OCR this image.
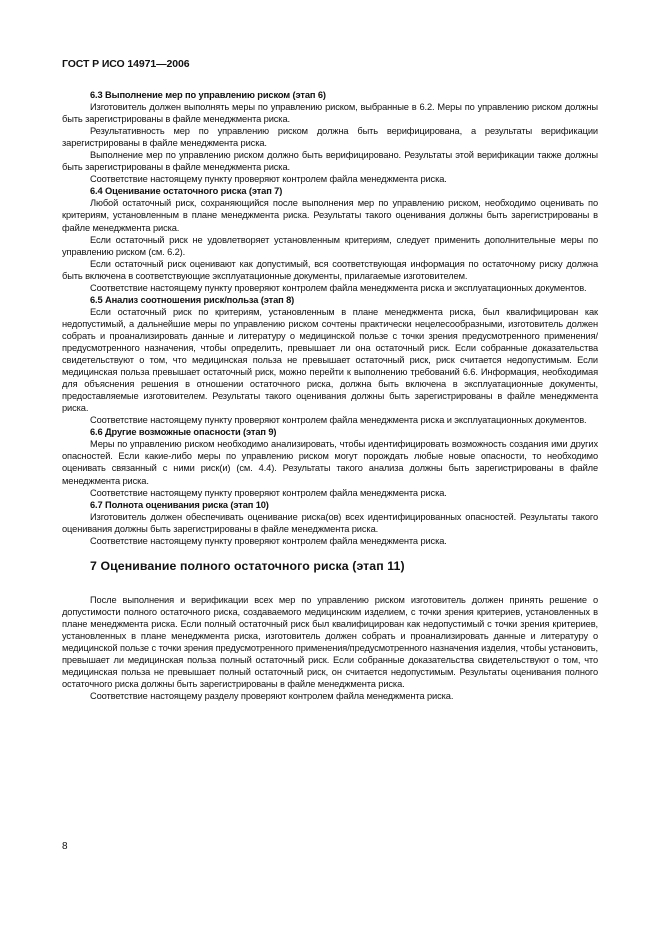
ГОСТ Р ИСО 14971—2006

6.3 Выполнение мер по управлению риском (этап 6)

Изготовитель должен выполнять меры по управлению риском, выбранные в 6.2. Меры по управлению риском должны быть зарегистрированы в файле менеджмента риска.

Результативность мер по управлению риском должна быть верифицирована, а результаты верификации зарегистрированы в файле менеджмента риска.

Выполнение мер по управлению риском должно быть верифицировано. Результаты этой верификации также должны быть зарегистрированы в файле менеджмента риска.

Соответствие настоящему пункту проверяют контролем файла менеджмента риска.

6.4 Оценивание остаточного риска (этап 7)

Любой остаточный риск, сохраняющийся после выполнения мер по управлению риском, необходимо оценивать по критериям, установленным в плане менеджмента риска. Результаты такого оценивания должны быть зарегистрированы в файле менеджмента риска.

Если остаточный риск не удовлетворяет установленным критериям, следует применить дополнительные меры по управлению риском (см. 6.2).

Если остаточный риск оценивают как допустимый, вся соответствующая информация по остаточному риску должна быть включена в соответствующие эксплуатационные документы, прилагаемые изготовителем.

Соответствие настоящему пункту проверяют контролем файла менеджмента риска и эксплуатационных документов.

6.5 Анализ соотношения риск/польза (этап 8)

Если остаточный риск по критериям, установленным в плане менеджмента риска, был квалифицирован как недопустимый, а дальнейшие меры по управлению риском сочтены практически нецелесообразными, изготовитель должен собрать и проанализировать данные и литературу о медицинской пользе с точки зрения предусмотренного применения/предусмотренного назначения, чтобы определить, превышает ли она остаточный риск. Если собранные доказательства свидетельствуют о том, что медицинская польза не превышает остаточный риск, риск считается недопустимым. Если медицинская польза превышает остаточный риск, можно перейти к выполнению требований 6.6. Информация, необходимая для объяснения решения в отношении остаточного риска, должна быть включена в эксплуатационные документы, предоставляемые изготовителем. Результаты такого оценивания должны быть зарегистрированы в файле менеджмента риска.

Соответствие настоящему пункту проверяют контролем файла менеджмента риска и эксплуатационных документов.

6.6 Другие возможные опасности (этап 9)

Меры по управлению риском необходимо анализировать, чтобы идентифицировать возможность создания ими других опасностей. Если какие-либо меры по управлению риском могут порождать любые новые опасности, то необходимо оценивать связанный с ними риск(и) (см. 4.4). Результаты такого анализа должны быть зарегистрированы в файле менеджмента риска.

Соответствие настоящему пункту проверяют контролем файла менеджмента риска.

6.7 Полнота оценивания риска (этап 10)

Изготовитель должен обеспечивать оценивание риска(ов) всех идентифицированных опасностей. Результаты такого оценивания должны быть зарегистрированы в файле менеджмента риска.

Соответствие настоящему пункту проверяют контролем файла менеджмента риска.

7 Оценивание полного остаточного риска (этап 11)

После выполнения и верификации всех мер по управлению риском изготовитель должен принять решение о допустимости полного остаточного риска, создаваемого медицинским изделием, с точки зрения критериев, установленных в плане менеджмента риска. Если полный остаточный риск был квалифицирован как недопустимый с точки зрения критериев, установленных в плане менеджмента риска, изготовитель должен собрать и проанализировать данные и литературу о медицинской пользе с точки зрения предусмотренного применения/предусмотренного назначения изделия, чтобы установить, превышает ли медицинская польза полный остаточный риск. Если собранные доказательства свидетельствуют о том, что медицинская польза не превышает полный остаточный риск, он считается недопустимым. Результаты оценивания полного остаточного риска должны быть зарегистрированы в файле менеджмента риска.

Соответствие настоящему разделу проверяют контролем файла менеджмента риска.

8
